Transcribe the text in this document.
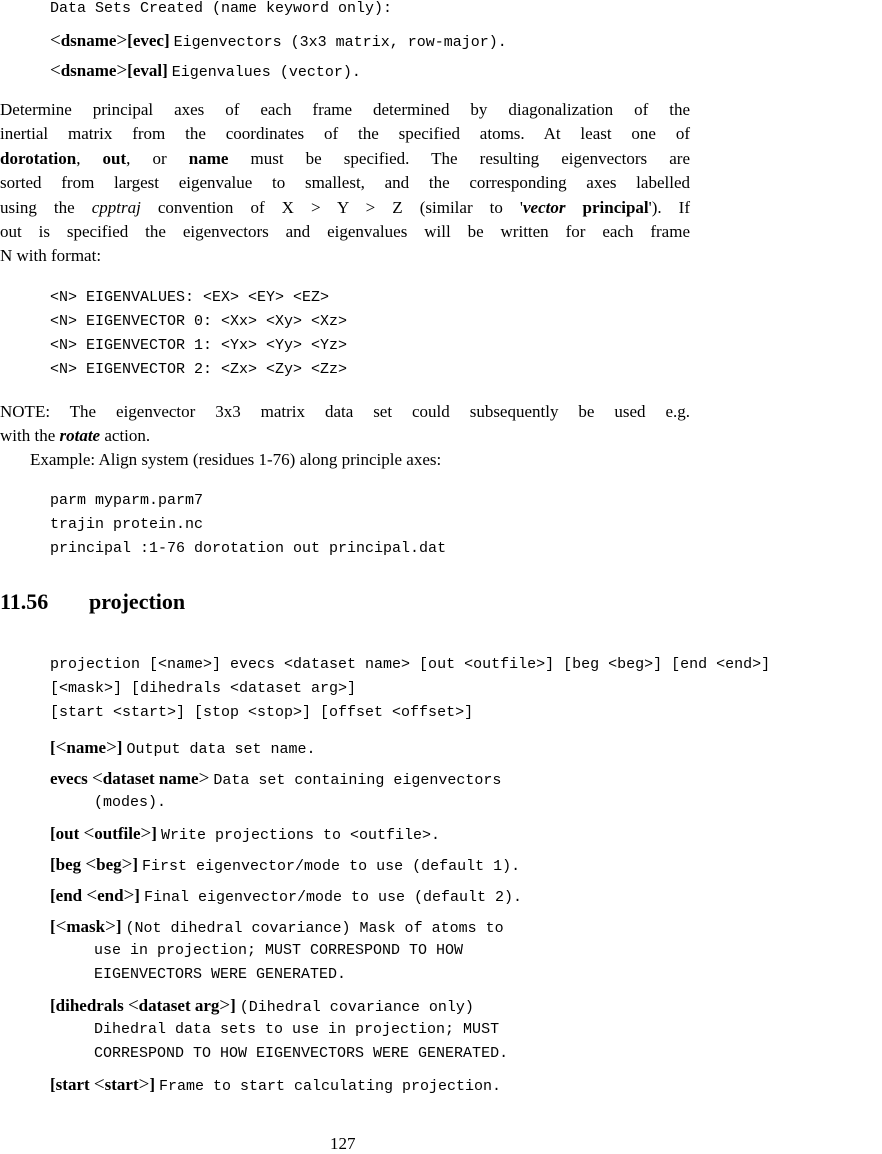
Data Sets Created (name keyword only):
<dsname>[evec] Eigenvectors (3x3 matrix, row-major).
<dsname>[eval] Eigenvalues (vector).
Determine principal axes of each frame determined by diagonalization of the
inertial matrix from the coordinates of the specified atoms. At least one of
dorotation, out, or name must be specified. The resulting eigenvectors are
sorted from largest eigenvalue to smallest, and the corresponding axes labelled
using the cpptraj convention of X > Y > Z (similar to 'vector principal'). If
out is specified the eigenvectors and eigenvalues will be written for each frame
N with format:
<N> EIGENVALUES: <EX> <EY> <EZ>
<N> EIGENVECTOR 0: <Xx> <Xy> <Xz>
<N> EIGENVECTOR 1: <Yx> <Yy> <Yz>
<N> EIGENVECTOR 2: <Zx> <Zy> <Zz>
NOTE: The eigenvector 3x3 matrix data set could subsequently be used e.g.
with the rotate action.
Example: Align system (residues 1-76) along principle axes:
parm myparm.parm7
trajin protein.nc
principal :1-76 dorotation out principal.dat
11.56 projection
projection [<name>] evecs <dataset name> [out <outfile>] [beg <beg>] [end <end>]
[<mask>] [dihedrals <dataset arg>]
[start <start>] [stop <stop>] [offset <offset>]
[<name>] Output data set name.
evecs <dataset name> Data set containing eigenvectors
(modes).
[out <outfile>] Write projections to <outfile>.
[beg <beg>] First eigenvector/mode to use (default 1).
[end <end>] Final eigenvector/mode to use (default 2).
[<mask>] (Not dihedral covariance) Mask of atoms to
use in projection; MUST CORRESPOND TO HOW
EIGENVECTORS WERE GENERATED.
[dihedrals <dataset arg>] (Dihedral covariance only)
Dihedral data sets to use in projection; MUST
CORRESPOND TO HOW EIGENVECTORS WERE GENERATED.
[start <start>] Frame to start calculating projection.
127
